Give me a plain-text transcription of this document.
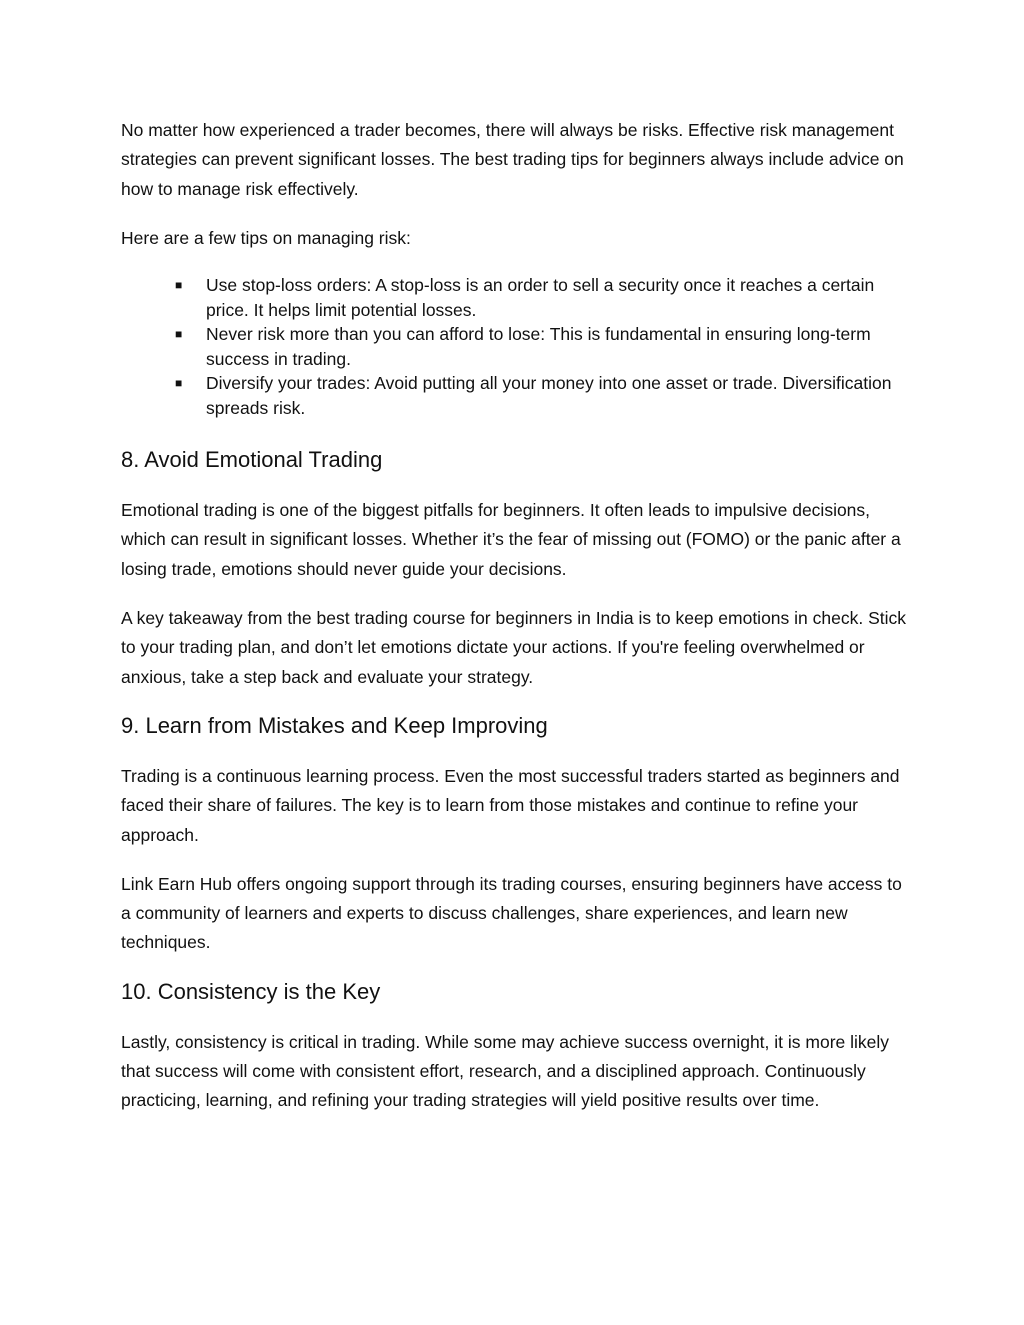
No matter how experienced a trader becomes, there will always be risks. Effective risk management strategies can prevent significant losses. The best trading tips for beginners always include advice on how to manage risk effectively.

Here are a few tips on managing risk:

■ Use stop-loss orders: A stop-loss is an order to sell a security once it reaches a certain price. It helps limit potential losses.
■ Never risk more than you can afford to lose: This is fundamental in ensuring long-term success in trading.
■ Diversify your trades: Avoid putting all your money into one asset or trade. Diversification spreads risk.
8. Avoid Emotional Trading

Emotional trading is one of the biggest pitfalls for beginners. It often leads to impulsive decisions, which can result in significant losses. Whether it’s the fear of missing out (FOMO) or the panic after a losing trade, emotions should never guide your decisions.

A key takeaway from the best trading course for beginners in India is to keep emotions in check. Stick to your trading plan, and don’t let emotions dictate your actions. If you're feeling overwhelmed or anxious, take a step back and evaluate your strategy.

9. Learn from Mistakes and Keep Improving

Trading is a continuous learning process. Even the most successful traders started as beginners and faced their share of failures. The key is to learn from those mistakes and continue to refine your approach.

Link Earn Hub offers ongoing support through its trading courses, ensuring beginners have access to a community of learners and experts to discuss challenges, share experiences, and learn new techniques.

10. Consistency is the Key

Lastly, consistency is critical in trading. While some may achieve success overnight, it is more likely that success will come with consistent effort, research, and a disciplined approach. Continuously practicing, learning, and refining your trading strategies will yield positive results over time.
